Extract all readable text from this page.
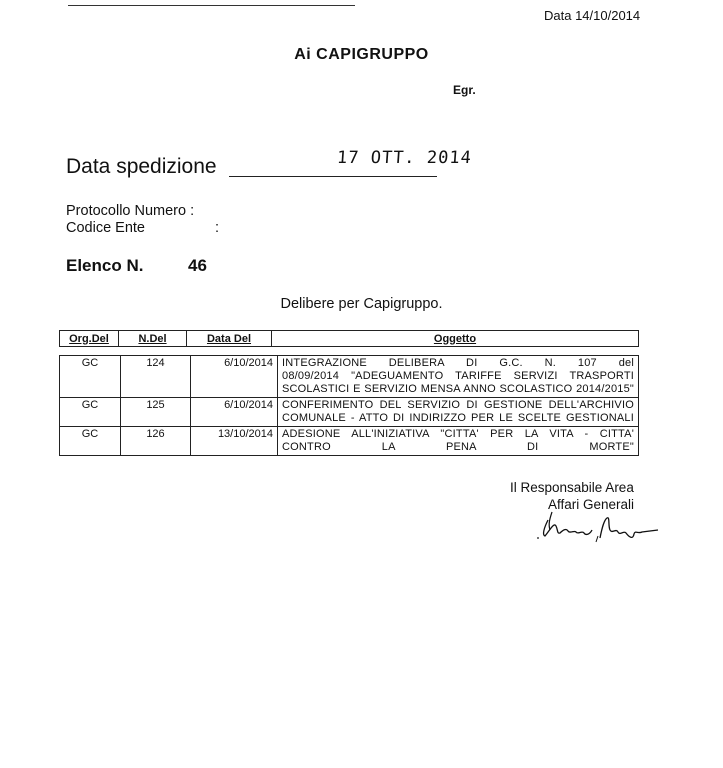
Data 14/10/2014
Ai CAPIGRUPPO
Egr.
Data spedizione	17 OTT. 2014
Protocollo Numero :
Codice Ente	:
Elenco N.	46
Delibere per Capigruppo.
Org.Del	N.Del	Data Del	Oggetto
GC	124	6/10/2014	INTEGRAZIONE DELIBERA DI G.C. N. 107 del
08/09/2014 "ADEGUAMENTO TARIFFE SERVIZI TRASPORTI
SCOLASTICI E SERVIZIO MENSA ANNO SCOLASTICO 2014/2015"

GC	125	6/10/2014	CONFERIMENTO DEL SERVIZIO DI GESTIONE DELL'ARCHIVIO
COMUNALE - ATTO DI INDIRIZZO PER LE SCELTE GESTIONALI

GC	126	13/10/2014	ADESIONE ALL'INIZIATIVA "CITTA' PER LA VITA - CITTA'
CONTRO LA PENA DI MORTE"
Il Responsabile Area
Affari Generali
